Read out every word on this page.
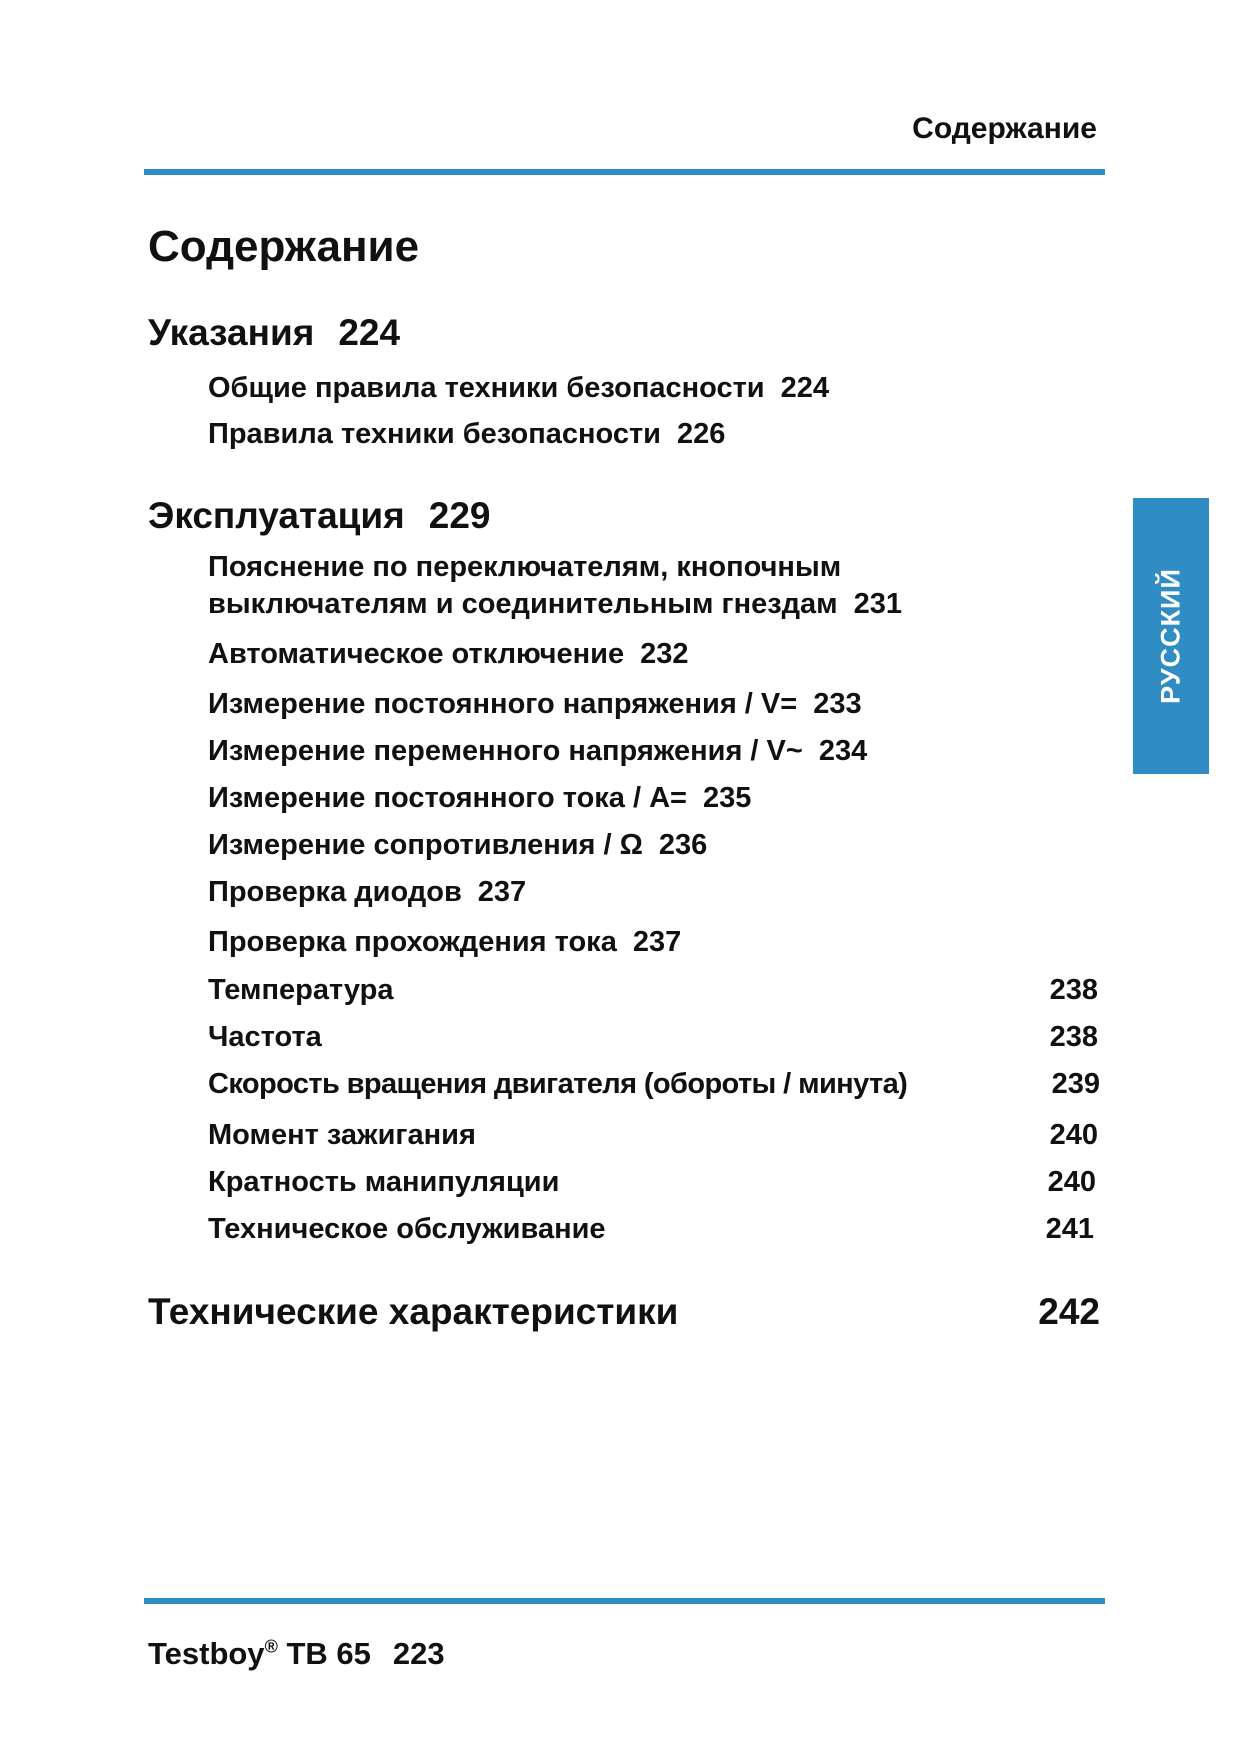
Содержание
Содержание
Указания 224
Общие правила техники безопасности 224
Правила техники безопасности 226
Эксплуатация 229
Пояснение по переключателям, кнопочным
выключателям и соединительным гнездам 231
Автоматическое отключение 232
Измерение постоянного напряжения / V= 233
Измерение переменного напряжения / V~ 234
Измерение постоянного тока / A= 235
Измерение сопротивления / Ω 236
Проверка диодов 237
Проверка прохождения тока 237
Температура	238
Частота	238
Скорость вращения двигателя (обороты / минута)	239
Момент зажигания	240
Кратность манипуляции	240
Техническое обслуживание	241
Технические характеристики	242
РУССКИЙ
Testboy® TB 65 223
